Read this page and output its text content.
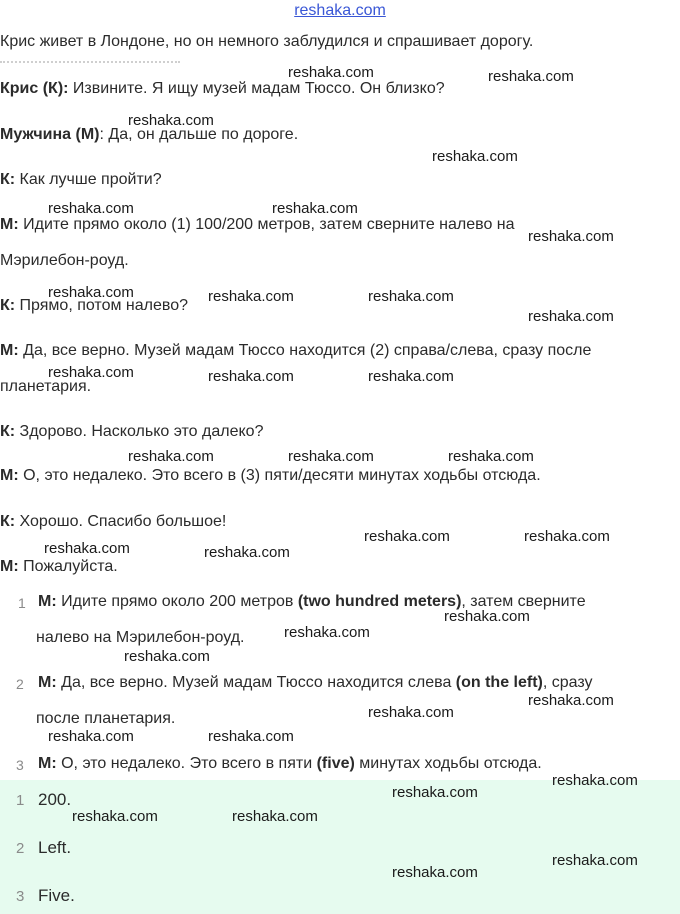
reshaka.com
Крис живет в Лондоне, но он немного заблудился и спрашивает дорогу.
Крис (К): Извините. Я ищу музей мадам Тюссо. Он близко?
Мужчина (М): Да, он дальше по дороге.
К: Как лучше пройти?
М: Идите прямо около (1) 100/200 метров, затем сверните налево на
Мэрилебон-роуд.
К: Прямо, потом налево?
М: Да, все верно. Музей мадам Тюссо находится (2) справа/слева, сразу после
планетария.
К: Здорово. Насколько это далеко?
М: О, это недалеко. Это всего в (3) пяти/десяти минутах ходьбы отсюда.
К: Хорошо. Спасибо большое!
М: Пожалуйста.
1 М: Идите прямо около 200 метров (two hundred meters), затем сверните
налево на Мэрилебон-роуд.
2 М: Да, все верно. Музей мадам Тюссо находится слева (on the left), сразу
после планетария.
3 М: О, это недалеко. Это всего в пяти (five) минутах ходьбы отсюда.
1 200.
2 Left.
3 Five.
reshaka.com	reshaka.com
reshaka.com
reshaka.com
reshaka.com	reshaka.com
reshaka.com
reshaka.com	reshaka.com	reshaka.com
reshaka.com
reshaka.com	reshaka.com	reshaka.com
reshaka.com	reshaka.com	reshaka.com
reshaka.com	reshaka.com
reshaka.com	reshaka.com
reshaka.com
reshaka.com
reshaka.com
reshaka.com
reshaka.com
reshaka.com	reshaka.com
reshaka.com
reshaka.com
reshaka.com	reshaka.com
reshaka.com
reshaka.com
